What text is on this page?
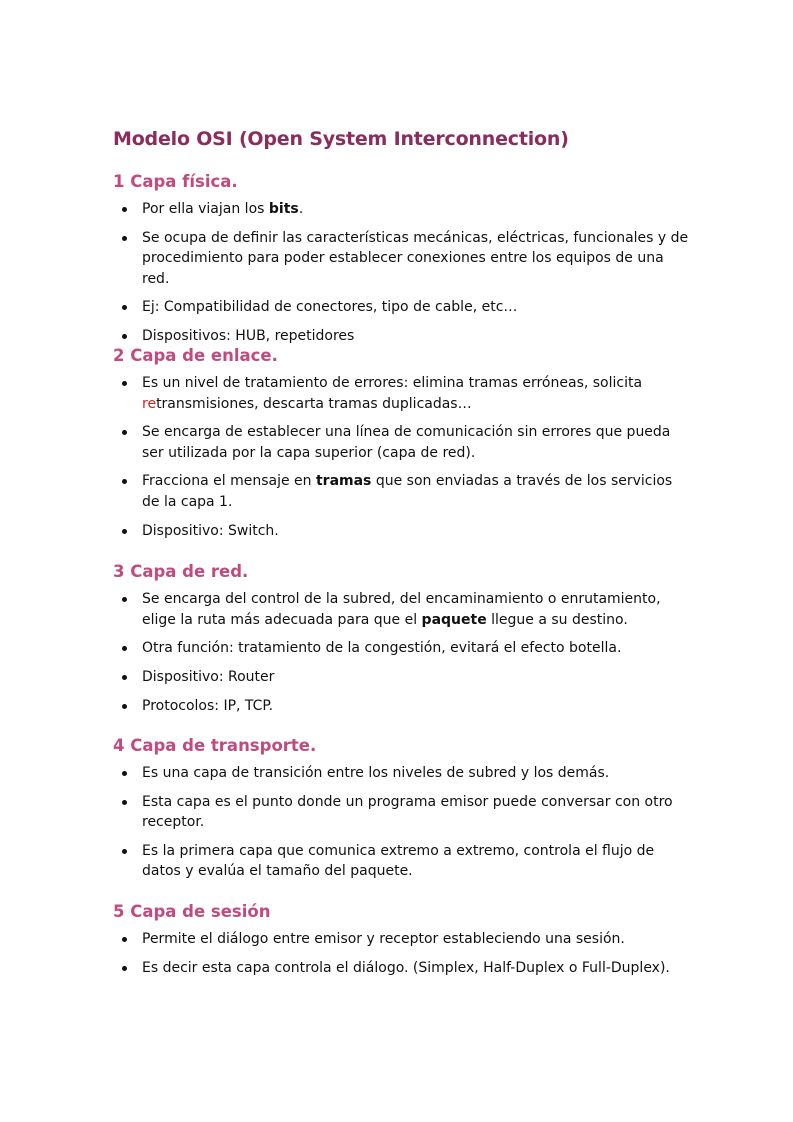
Modelo OSI (Open System Interconnection)
1 Capa física.
Por ella viajan los bits.
Se ocupa de definir las características mecánicas, eléctricas, funcionales y de procedimiento para poder establecer conexiones entre los equipos de una red.
Ej: Compatibilidad de conectores, tipo de cable, etc…
Dispositivos: HUB, repetidores
2 Capa de enlace.
Es un nivel de tratamiento de errores: elimina tramas erróneas, solicita retransmisiones, descarta tramas duplicadas…
Se encarga de establecer una línea de comunicación sin errores que pueda ser utilizada por la capa superior (capa de red).
Fracciona el mensaje en tramas que son enviadas a través de los servicios de la capa 1.
Dispositivo: Switch.
3 Capa de red.
Se encarga del control de la subred, del encaminamiento o enrutamiento, elige la ruta más adecuada para que el paquete llegue a su destino.
Otra función: tratamiento de la congestión, evitará el efecto botella.
Dispositivo: Router
Protocolos: IP, TCP.
4 Capa de transporte.
Es una capa de transición entre los niveles de subred y los demás.
Esta capa es el punto donde un programa emisor puede conversar con otro receptor.
Es la primera capa que comunica extremo a extremo, controla el flujo de datos y evalúa el tamaño del paquete.
5 Capa de sesión
Permite el diálogo entre emisor y receptor estableciendo una sesión.
Es decir esta capa controla el diálogo. (Simplex, Half-Duplex o Full-Duplex).
